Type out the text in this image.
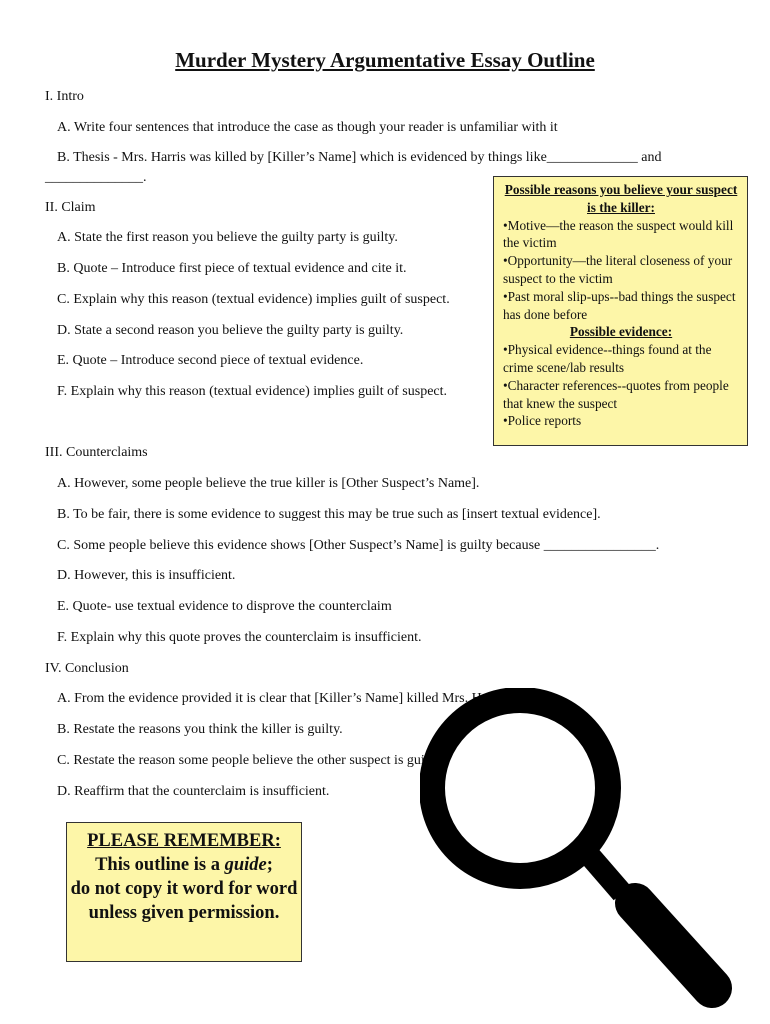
Murder Mystery Argumentative Essay Outline
I. Intro
A. Write four sentences that introduce the case as though your reader is unfamiliar with it
B. Thesis - Mrs. Harris was killed by [Killer’s Name] which is evidenced by things like_____________ and
______________.
II. Claim
A. State the first reason you believe the guilty party is guilty.
B. Quote – Introduce first piece of textual evidence and cite it.
C. Explain why this reason (textual evidence) implies guilt of suspect.
D. State a second reason you believe the guilty party is guilty.
E. Quote – Introduce second piece of textual evidence.
F. Explain why this reason (textual evidence) implies guilt of suspect.
III. Counterclaims
A. However, some people believe the true killer is [Other Suspect’s Name].
B. To be fair, there is some evidence to suggest this may be true such as [insert textual evidence].
C. Some people believe this evidence shows [Other Suspect’s Name] is guilty because ________________.
D. However, this is insufficient.
E. Quote- use textual evidence to disprove the counterclaim
F. Explain why this quote proves the counterclaim is insufficient.
IV. Conclusion
A. From the evidence provided it is clear that [Killer’s Name] killed Mrs. H
B. Restate the reasons you think the killer is guilty.
C. Restate the reason some people believe the other suspect is guilty.
D. Reaffirm that the counterclaim is insufficient.
Possible reasons you believe your suspect is the killer:
•Motive—the reason the suspect would kill the victim
•Opportunity—the literal closeness of your suspect to the victim
•Past moral slip-ups--bad things the suspect has done before
Possible evidence:
•Physical evidence--things found at the crime scene/lab results
•Character references--quotes from people that knew the suspect
•Police reports
PLEASE REMEMBER:
This outline is a guide;
do not copy it word for word unless given permission.
